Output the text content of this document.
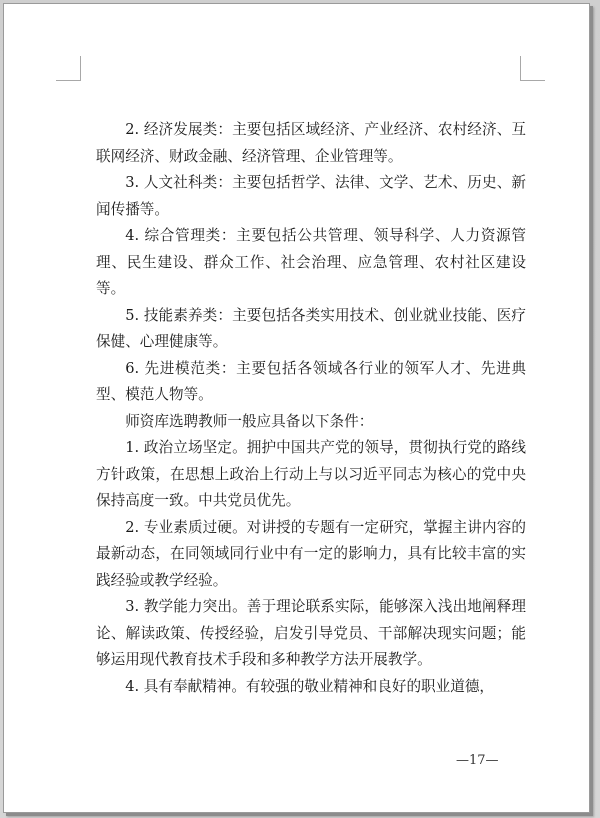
2. 经济发展类：主要包括区域经济、产业经济、农村经济、互联网经济、财政金融、经济管理、企业管理等。

3. 人文社科类：主要包括哲学、法律、文学、艺术、历史、新闻传播等。

4. 综合管理类：主要包括公共管理、领导科学、人力资源管理、民生建设、群众工作、社会治理、应急管理、农村社区建设等。

5. 技能素养类：主要包括各类实用技术、创业就业技能、医疗保健、心理健康等。

6. 先进模范类：主要包括各领域各行业的领军人才、先进典型、模范人物等。

师资库选聘教师一般应具备以下条件：

1. 政治立场坚定。拥护中国共产党的领导，贯彻执行党的路线方针政策，在思想上政治上行动上与以习近平同志为核心的党中央保持高度一致。中共党员优先。

2. 专业素质过硬。对讲授的专题有一定研究，掌握主讲内容的最新动态，在同领域同行业中有一定的影响力，具有比较丰富的实践经验或教学经验。

3. 教学能力突出。善于理论联系实际，能够深入浅出地阐释理论、解读政策、传授经验，启发引导党员、干部解决现实问题；能够运用现代教育技术手段和多种教学方法开展教学。

4. 具有奉献精神。有较强的敬业精神和良好的职业道德，

—17—
